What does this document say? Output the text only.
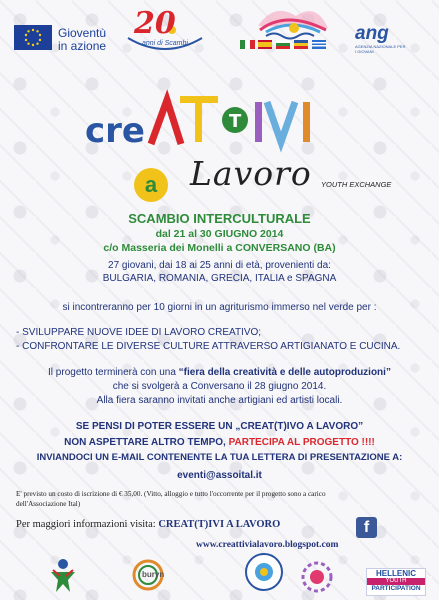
Gioventù
in azione
20
anni di Scambi	ang
AGENZIA NAZIONALE PER I GIOVANI
cre	T
a Lavoro YOUTH EXCHANGE
SCAMBIO INTERCULTURALE
dal 21 al 30 GIUGNO 2014
c/o Masseria dei Monelli a CONVERSANO (BA)
27 giovani, dai 18 ai 25 anni di età, provenienti da:
BULGARIA, ROMANIA, GRECIA, ITALIA e SPAGNA
si incontreranno per 10 giorni in un agriturismo immerso nel verde per :
- SVILUPPARE NUOVE IDEE DI LAVORO CREATIVO;
- CONFRONTARE LE DIVERSE CULTURE ATTRAVERSO ARTIGIANATO E CUCINA.
Il progetto terminerà con una “fiera della creatività e delle autoproduzioni”
che si svolgerà a Conversano il 28 giugno 2014.
Alla fiera saranno invitati anche artigiani ed artisti locali.
SE PENSI DI POTER ESSERE UN „CREAT(T)IVO A LAVORO”
NON ASPETTARE ALTRO TEMPO, PARTECIPA AL PROGETTO !!!!
INVIANDOCI UN E-MAIL CONTENENTE LA TUA LETTERA DI PRESENTAZIONE A:
eventi@assoital.it
E' previsto un costo di iscrizione di € 35,00. (Vitto, alloggio e tutto l'occorrente per il progetto sono a carico
dell'Associazione Ital)
Per maggiori informazioni visita: CREAT(T)IVI A LAVORO	f
www.creattivialavoro.blogspot.com
buryn	HELLENIC
YOUTH
PARTICIPATION
